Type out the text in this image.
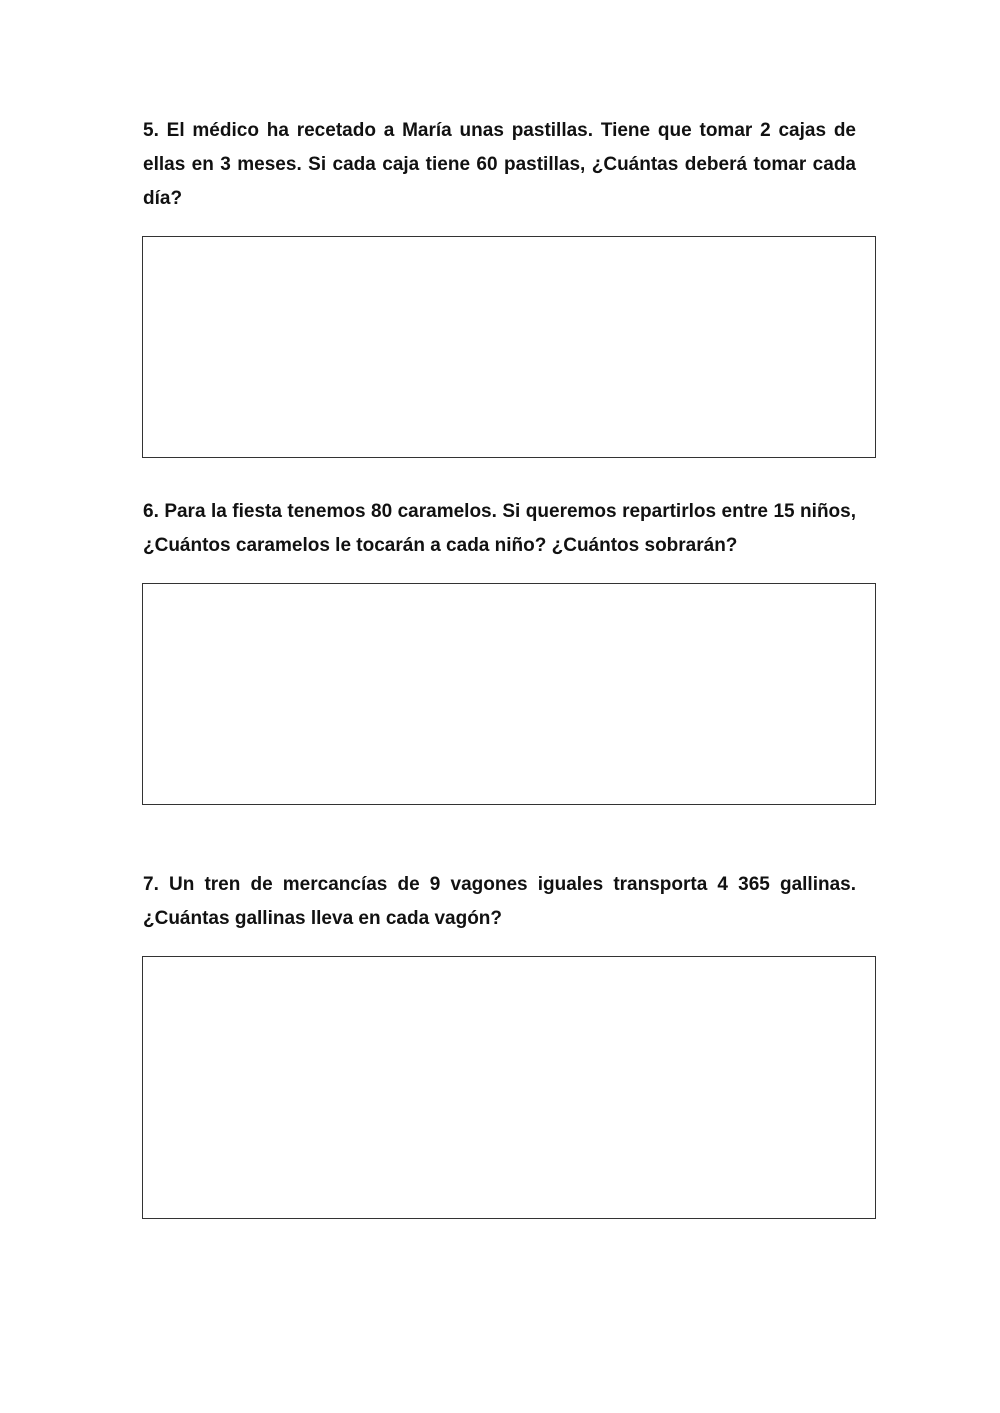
5. El médico ha recetado a María unas pastillas. Tiene que tomar 2 cajas de ellas en 3 meses. Si cada caja tiene 60 pastillas, ¿Cuántas deberá tomar cada día?

6. Para la fiesta tenemos 80 caramelos. Si queremos repartirlos entre 15 niños, ¿Cuántos caramelos le tocarán a cada niño? ¿Cuántos sobrarán?

7. Un tren de mercancías de 9 vagones iguales transporta 4 365 gallinas. ¿Cuántas gallinas lleva en cada vagón?
